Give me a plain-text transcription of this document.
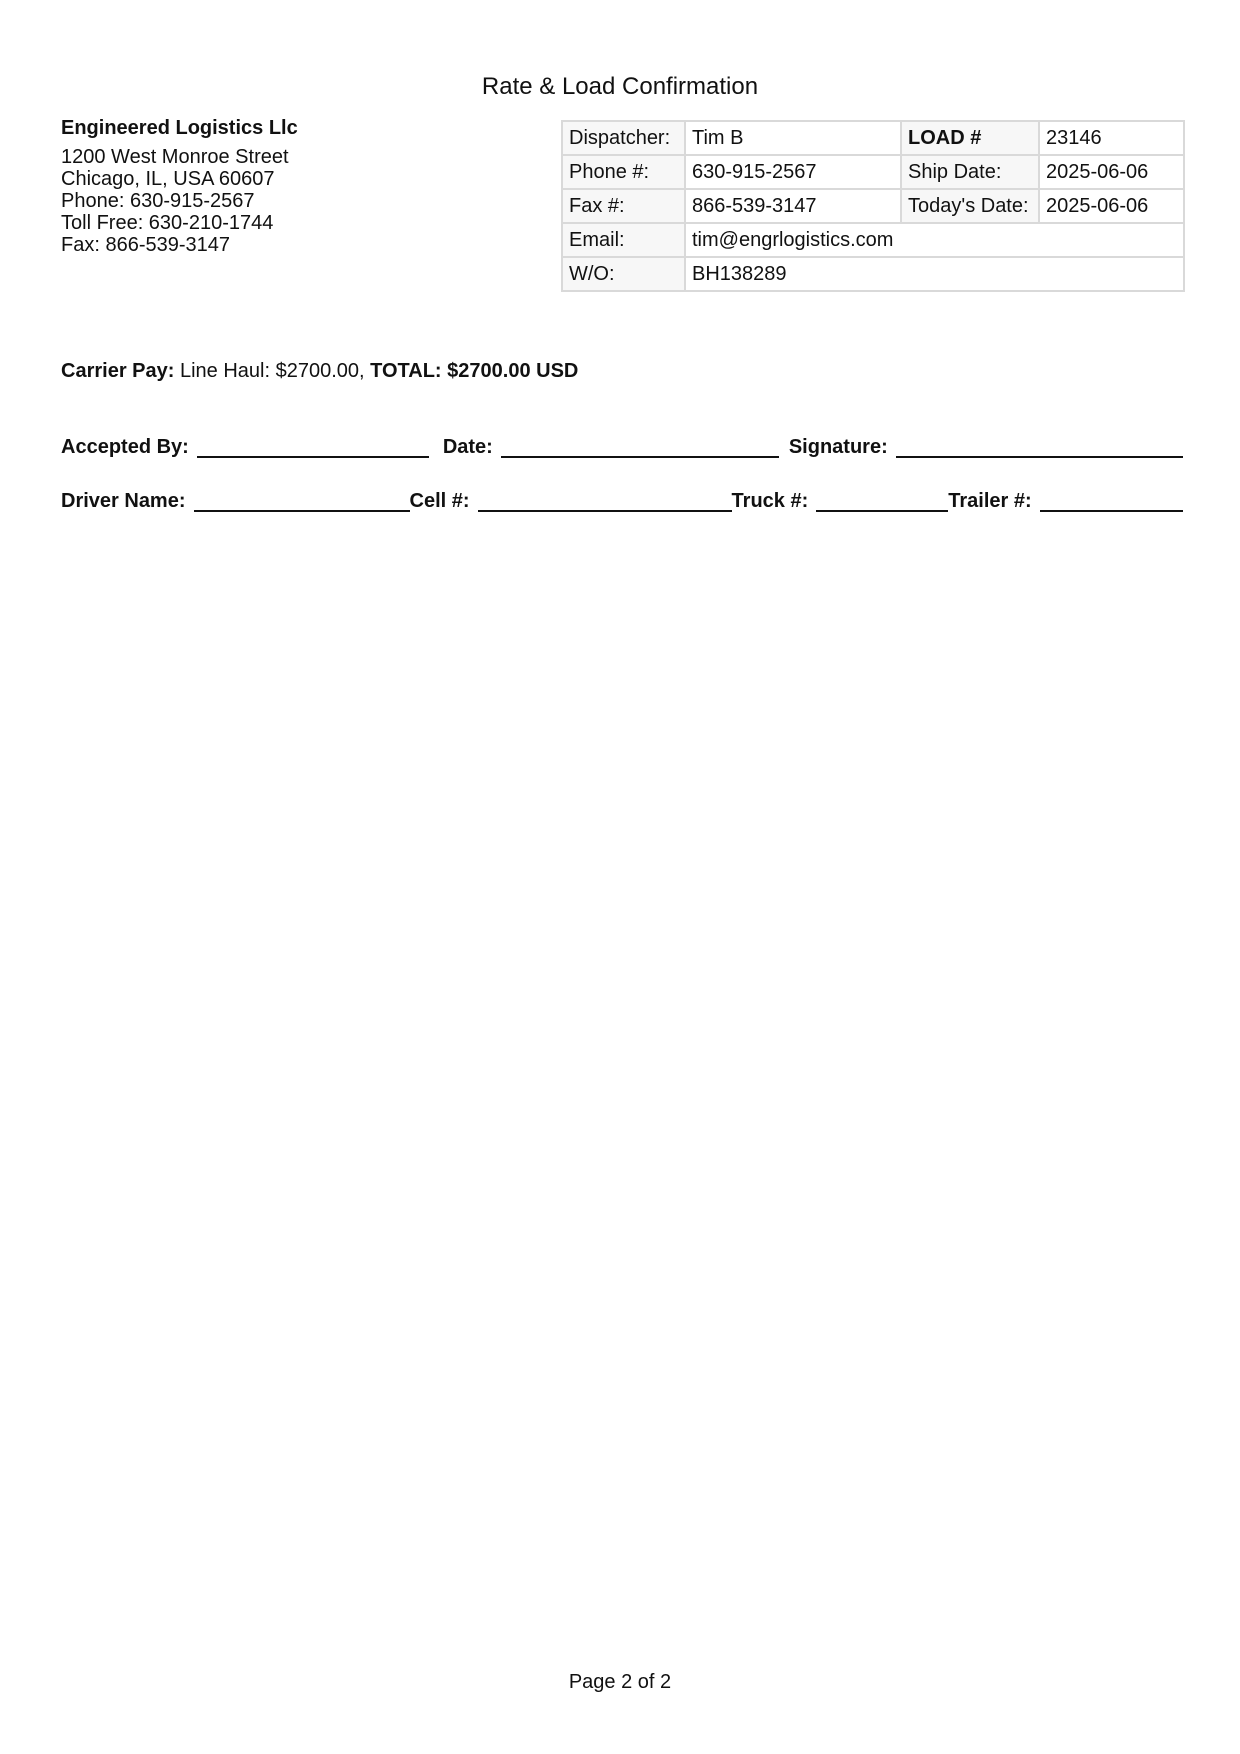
Rate & Load Confirmation
Engineered Logistics Llc
1200 West Monroe Street
Chicago, IL, USA 60607
Phone: 630-915-2567
Toll Free: 630-210-1744
Fax: 866-539-3147
Dispatcher:	Tim B	LOAD #	23146
Phone #:	630-915-2567	Ship Date:	2025-06-06
Fax #:	866-539-3147	Today's Date:	2025-06-06
Email:	tim@engrlogistics.com		
W/O:	BH138289		
Carrier Pay: Line Haul: $2700.00, TOTAL: $2700.00 USD
Accepted By:	Date:	Signature:
Driver Name:	Cell #:	Truck #:	Trailer #:
Page 2 of 2
